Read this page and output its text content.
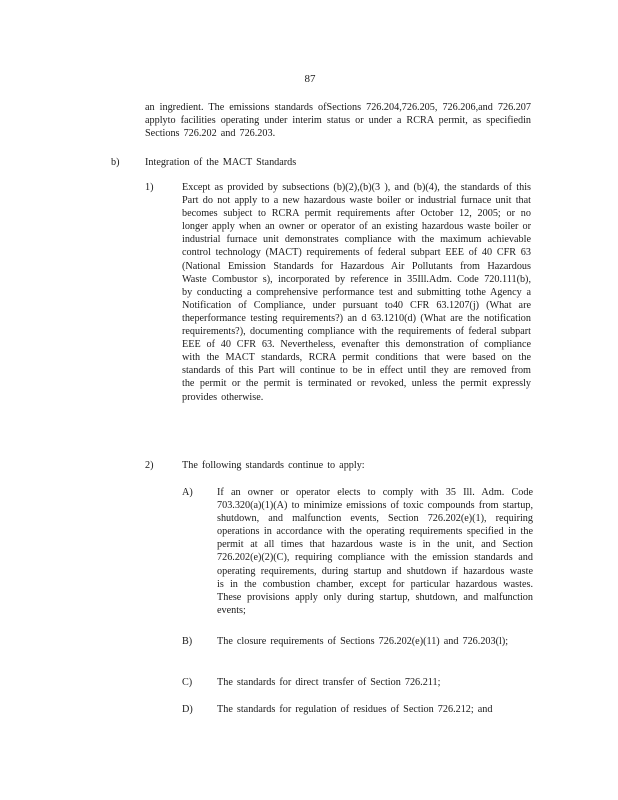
87
an ingredient. The emissions standards ofSections 726.204,726.205, 726.206,and 726.207 applyto facilities operating under interim status or under a RCRA permit, as specifiedin Sections 726.202 and 726.203.
b)	Integration of the MACT Standards
1)	Except as provided by subsections (b)(2),(b)(3 ), and (b)(4), the standards of this Part do not apply to a new hazardous waste boiler or industrial furnace unit that becomes subject to RCRA permit requirements after October 12, 2005; or no longer apply when an owner or operator of an existing hazardous waste boiler or industrial furnace unit demonstrates compliance with the maximum achievable control technology (MACT) requirements of federal subpart EEE of 40 CFR 63 (National Emission Standards for Hazardous Air Pollutants from Hazardous Waste Combustor s), incorporated by reference in 35Ill.Adm. Code 720.111(b), by conducting a comprehensive performance test and submitting tothe Agency a Notification of Compliance, under pursuant to40 CFR 63.1207(j) (What are theperformance testing requirements?) an d 63.1210(d) (What are the notification requirements?), documenting compliance with the requirements of federal subpart EEE of 40 CFR 63. Nevertheless, evenafter this demonstration of compliance with the MACT standards, RCRA permit conditions that were based on the standards of this Part will continue to be in effect until they are removed from the permit or the permit is terminated or revoked, unless the permit expressly provides otherwise.
2)	The following standards continue to apply:
A) If an owner or operator elects to comply with 35 Ill. Adm. Code 703.320(a)(1)(A) to minimize emissions of toxic compounds from startup, shutdown, and malfunction events, Section 726.202(e)(1), requiring operations in accordance with the operating requirements specified in the permit at all times that hazardous waste is in the unit, and Section 726.202(e)(2)(C), requiring compliance with the emission standards and operating requirements, during startup and shutdown if hazardous waste is in the combustion chamber, except for particular hazardous wastes. These provisions apply only during startup, shutdown, and malfunction events;
B) The closure requirements of Sections 726.202(e)(11) and 726.203(l);
C) The standards for direct transfer of Section 726.211;
D) The standards for regulation of residues of Section 726.212; and
